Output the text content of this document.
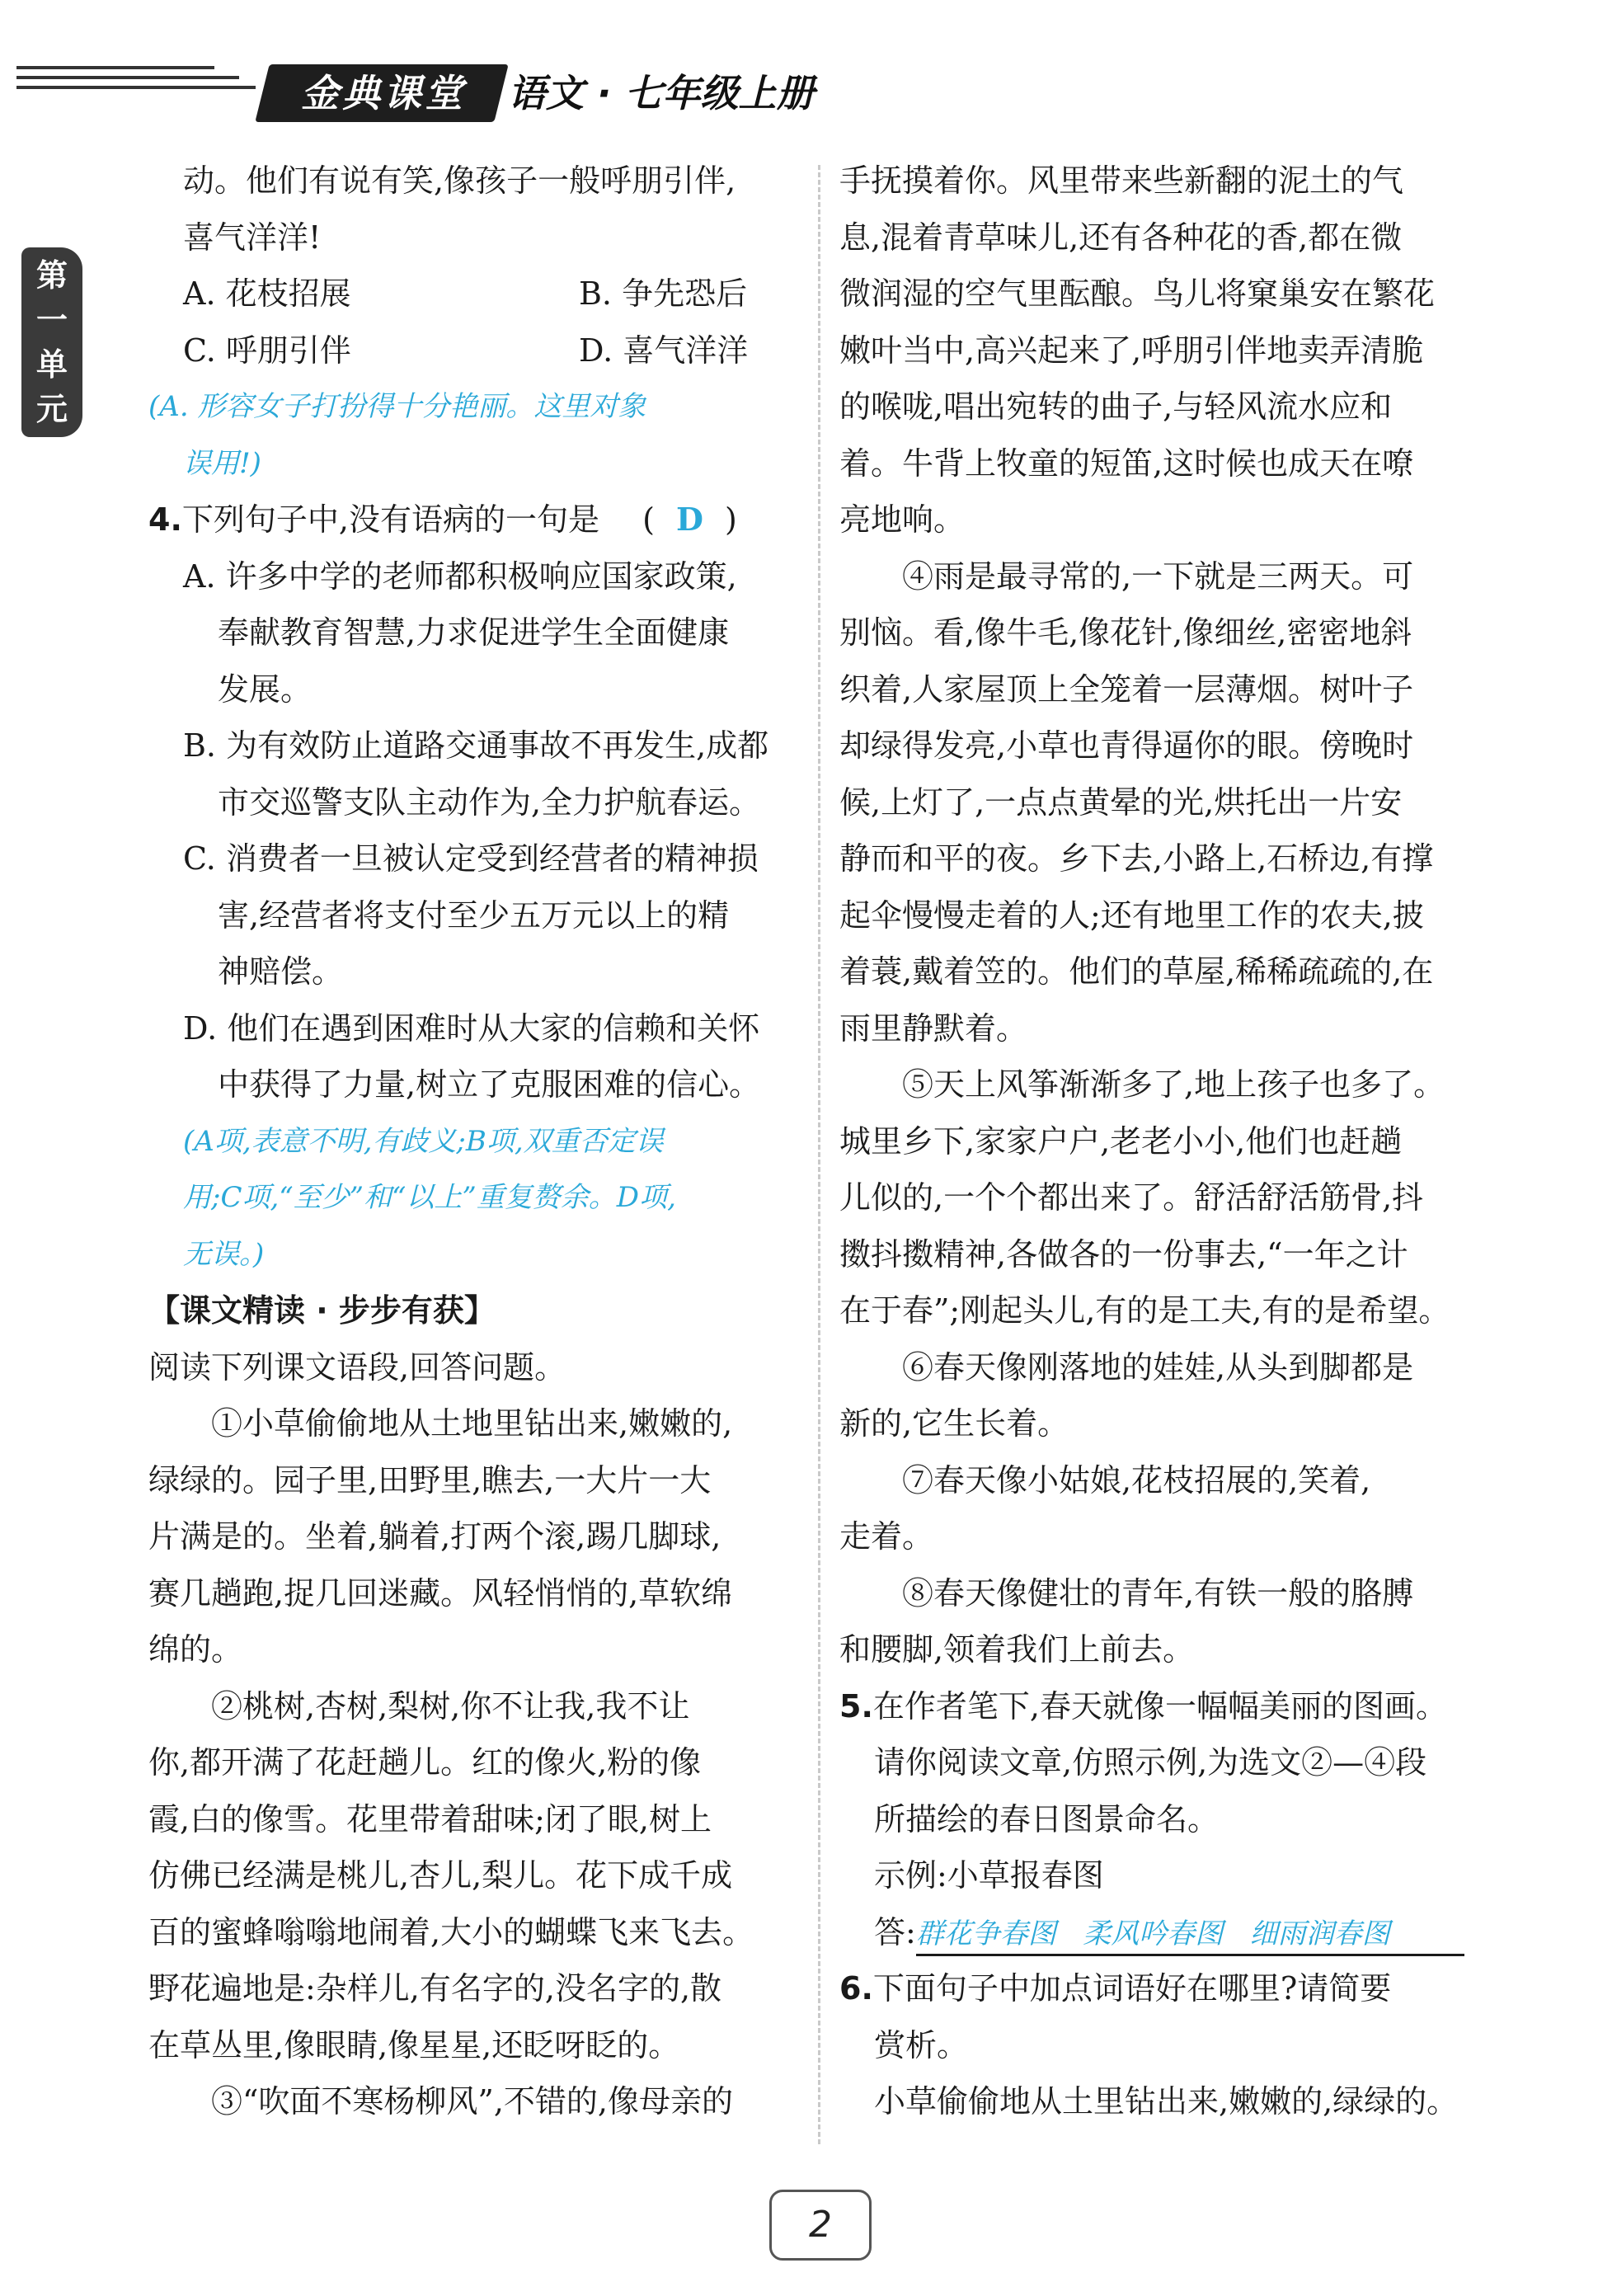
金典课堂	语文 · 七年级上册
第
一
单
元
动。他们有说有笑,像孩子一般呼朋引伴,
喜气洋洋!
A. 花枝招展	B. 争先恐后
C. 呼朋引伴	D. 喜气洋洋
(A. 形容女子打扮得十分艳丽。这里对象
误用!)
4.下列句子中,没有语病的一句是 ( D )
A. 许多中学的老师都积极响应国家政策,
奉献教育智慧,力求促进学生全面健康
发展。
B. 为有效防止道路交通事故不再发生,成都
市交巡警支队主动作为,全力护航春运。
C. 消费者一旦被认定受到经营者的精神损
害,经营者将支付至少五万元以上的精
神赔偿。
D. 他们在遇到困难时从大家的信赖和关怀
中获得了力量,树立了克服困难的信心。
(A项,表意不明,有歧义;B项,双重否定误
用;C项,“至少”和“以上”重复赘余。D项,
无误。)
【课文精读 · 步步有获】
阅读下列课文语段,回答问题。
①小草偷偷地从土地里钻出来,嫩嫩的,
绿绿的。园子里,田野里,瞧去,一大片一大
片满是的。坐着,躺着,打两个滚,踢几脚球,
赛几趟跑,捉几回迷藏。风轻悄悄的,草软绵
绵的。
②桃树,杏树,梨树,你不让我,我不让
你,都开满了花赶趟儿。红的像火,粉的像
霞,白的像雪。花里带着甜味;闭了眼,树上
仿佛已经满是桃儿,杏儿,梨儿。花下成千成
百的蜜蜂嗡嗡地闹着,大小的蝴蝶飞来飞去。
野花遍地是:杂样儿,有名字的,没名字的,散
在草丛里,像眼睛,像星星,还眨呀眨的。
③“吹面不寒杨柳风”,不错的,像母亲的
手抚摸着你。风里带来些新翻的泥土的气
息,混着青草味儿,还有各种花的香,都在微
微润湿的空气里酝酿。鸟儿将窠巢安在繁花
嫩叶当中,高兴起来了,呼朋引伴地卖弄清脆
的喉咙,唱出宛转的曲子,与轻风流水应和
着。牛背上牧童的短笛,这时候也成天在嘹
亮地响。
④雨是最寻常的,一下就是三两天。可
别恼。看,像牛毛,像花针,像细丝,密密地斜
织着,人家屋顶上全笼着一层薄烟。树叶子
却绿得发亮,小草也青得逼你的眼。傍晚时
候,上灯了,一点点黄晕的光,烘托出一片安
静而和平的夜。乡下去,小路上,石桥边,有撑
起伞慢慢走着的人;还有地里工作的农夫,披
着蓑,戴着笠的。他们的草屋,稀稀疏疏的,在
雨里静默着。
⑤天上风筝渐渐多了,地上孩子也多了。
城里乡下,家家户户,老老小小,他们也赶趟
儿似的,一个个都出来了。舒活舒活筋骨,抖
擞抖擞精神,各做各的一份事去,“一年之计
在于春”;刚起头儿,有的是工夫,有的是希望。
⑥春天像刚落地的娃娃,从头到脚都是
新的,它生长着。
⑦春天像小姑娘,花枝招展的,笑着,
走着。
⑧春天像健壮的青年,有铁一般的胳膊
和腰脚,领着我们上前去。
5.在作者笔下,春天就像一幅幅美丽的图画。
请你阅读文章,仿照示例,为选文②—④段
所描绘的春日图景命名。
示例:小草报春图
答:群花争春图   柔风吟春图   细雨润春图
6.下面句子中加点词语好在哪里?请简要
赏析。
小草偷偷地从土里钻出来,嫩嫩的,绿绿的。
2
